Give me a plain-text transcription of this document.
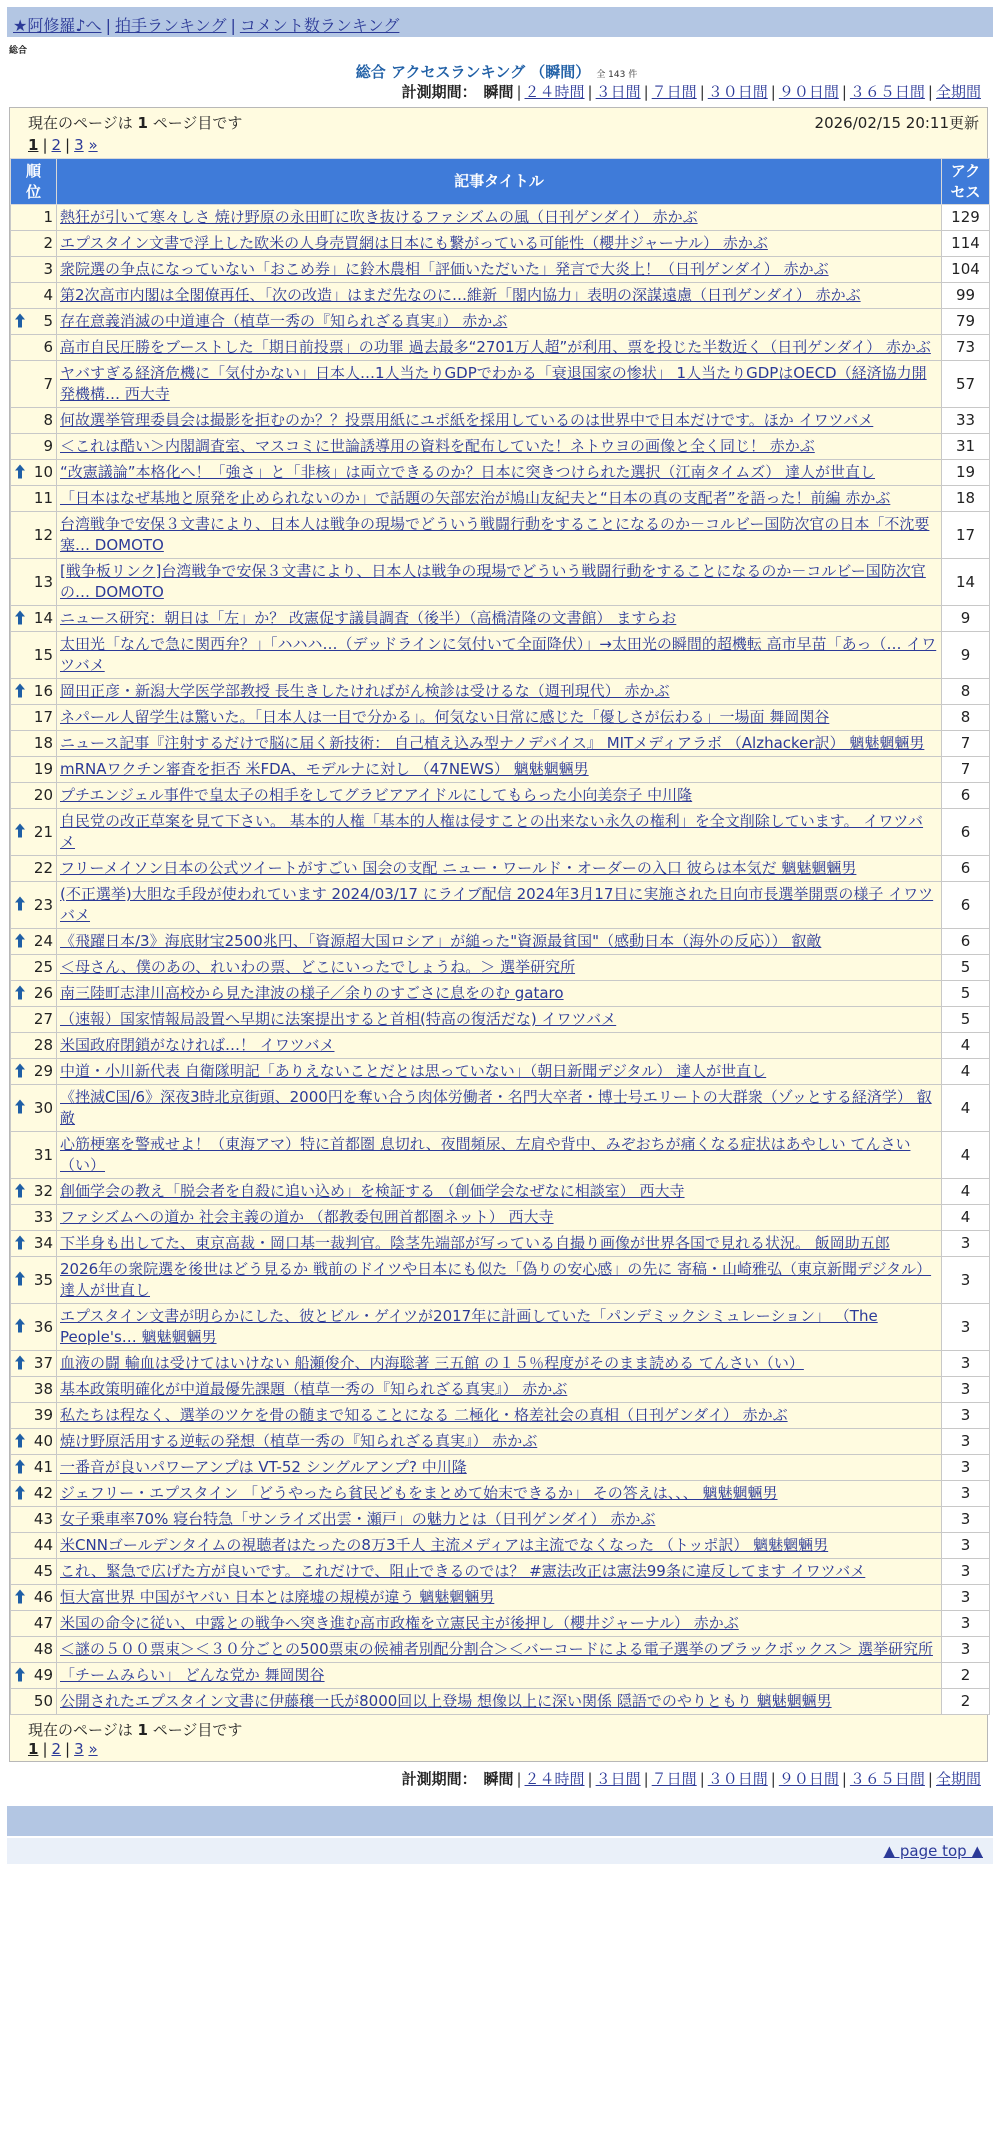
★阿修羅♪へ | 拍手ランキング | コメント数ランキング
総合
総合 アクセスランキング （瞬間） 全 143 件
計測期間： 瞬間 | ２４時間 | ３日間 | ７日間 | ３０日間 | ９０日間 | ３６５日間 | 全期間
現在のページは 1 ページ目です	2026/02/15 20:11更新
1 | 2 | 3 »
順位	記事タイトル	アクセス
1	熱狂が引いて寒々しさ 焼け野原の永田町に吹き抜けるファシズムの風（日刊ゲンダイ） 赤かぶ	129
2	エプスタイン文書で浮上した欧米の人身売買網は日本にも繋がっている可能性（櫻井ジャーナル） 赤かぶ	114
3	衆院選の争点になっていない「おこめ券」に鈴木農相「評価いただいた」発言で大炎上！（日刊ゲンダイ） 赤かぶ	104
4	第2次高市内閣は全閣僚再任、「次の改造」はまだ先なのに…維新「閣内協力」表明の深謀遠慮（日刊ゲンダイ） 赤かぶ	99

5	存在意義消滅の中道連合（植草一秀の『知られざる真実』） 赤かぶ	79
6	高市自民圧勝をブーストした「期日前投票」の功罪 過去最多“2701万人超”が利用、票を投じた半数近く（日刊ゲンダイ） 赤かぶ	73
7	ヤバすぎる経済危機に「気付かない」日本人…1人当たりGDPでわかる「衰退国家の惨状」 1人当たりGDPはOECD（経済協力開発機構… 西大寺	57
8	何故選挙管理委員会は撮影を拒むのか？？投票用紙にユポ紙を採用しているのは世界中で日本だけです。ほか イワツバメ	33
9	＜これは酷い＞内閣調査室、マスコミに世論誘導用の資料を配布していた！ネトウヨの画像と全く同じ！ 赤かぶ	31

10	“改憲議論”本格化へ！「強さ」と「非核」は両立できるのか？日本に突きつけられた選択（江南タイムズ） 達人が世直し	19
11	「日本はなぜ基地と原発を止められないのか」で話題の矢部宏治が鳩山友紀夫と“日本の真の支配者”を語った！前編 赤かぶ	18
12	台湾戦争で安保３文書により、日本人は戦争の現場でどういう戦闘行動をすることになるのか－コルビー国防次官の日本「不沈要塞… DOMOTO	17
13	[戦争板リンク]台湾戦争で安保３文書により、日本人は戦争の現場でどういう戦闘行動をすることになるのか－コルビー国防次官の… DOMOTO	14

14	ニュース研究：朝日は「左」か？ 改憲促す議員調査（後半）（高橋清隆の文書館） ますらお	9
15	太田光「なんで急に関西弁？」「ハハハ…（デッドラインに気付いて全面降伏）」→太田光の瞬間的超機転 高市早苗「あっ（… イワツバメ	9

16	岡田正彦・新潟大学医学部教授 長生きしたければがん検診は受けるな（週刊現代） 赤かぶ	8
17	ネパール人留学生は驚いた。「日本人は一目で分かる」。何気ない日常に感じた「優しさが伝わる」一場面 舞岡関谷	8
18	ニュース記事『注射するだけで脳に届く新技術： 自己植え込み型ナノデバイス』 MITメディアラボ （Alzhacker訳） 魑魅魍魎男	7
19	mRNAワクチン審査を拒否 米FDA、モデルナに対し （47NEWS） 魑魅魍魎男	7
20	プチエンジェル事件で皇太子の相手をしてグラビアアイドルにしてもらった小向美奈子 中川隆	6

21	自民党の改正草案を見て下さい。 基本的人権「基本的人権は侵すことの出来ない永久の権利」を全文削除しています。 イワツバメ	6
22	フリーメイソン日本の公式ツイートがすごい 国会の支配 ニュー・ワールド・オーダーの入口 彼らは本気だ 魑魅魍魎男	6

23	(不正選挙)大胆な手段が使われています 2024/03/17 にライブ配信 2024年3月17日に実施された日向市長選挙開票の様子 イワツバメ	6

24	《飛躍日本/3》海底財宝2500兆円、「資源超大国ロシア」が縋った"資源最貧国"（感動日本（海外の反応）） 叡敵	6
25	＜母さん、僕のあの、れいわの票、どこにいったでしょうね。＞ 選挙研究所	5

26	南三陸町志津川高校から見た津波の様子／余りのすごさに息をのむ gataro	5
27	（速報）国家情報局設置へ早期に法案提出すると首相(特高の復活だな) イワツバメ	5
28	米国政府閉鎖がなければ…！ イワツバメ	4

29	中道・小川新代表 自衛隊明記「ありえないことだとは思っていない」（朝日新聞デジタル） 達人が世直し	4

30	《挫滅C国/6》深夜3時北京街頭、2000円を奪い合う肉体労働者・名門大卒者・博士号エリートの大群衆（ゾッとする経済学） 叡敵	4
31	心筋梗塞を警戒せよ！（東海アマ）特に首都圏 息切れ、夜間頻尿、左肩や背中、みぞおちが痛くなる症状はあやしい てんさい（い）	4

32	創価学会の教え「脱会者を自殺に追い込め」を検証する （創価学会なぜなに相談室） 西大寺	4
33	ファシズムへの道か 社会主義の道か （都教委包囲首都圏ネット） 西大寺	4

34	下半身も出してた、東京高裁・岡口基一裁判官。陰茎先端部が写っている自撮り画像が世界各国で見れる状況。 飯岡助五郎	3

35	2026年の衆院選を後世はどう見るか 戦前のドイツや日本にも似た「偽りの安心感」の先に 寄稿・山崎雅弘（東京新聞デジタル） 達人が世直し	3

36	エプスタイン文書が明らかにした、彼とビル・ゲイツが2017年に計画していた「パンデミックシミュレーション」 （The People's… 魑魅魍魎男	3

37	血液の闘 輸血は受けてはいけない 船瀬俊介、内海聡著 三五館 の１５％程度がそのまま読める てんさい（い）	3
38	基本政策明確化が中道最優先課題（植草一秀の『知られざる真実』） 赤かぶ	3
39	私たちは程なく、選挙のツケを骨の髄まで知ることになる 二極化・格差社会の真相（日刊ゲンダイ） 赤かぶ	3

40	焼け野原活用する逆転の発想（植草一秀の『知られざる真実』） 赤かぶ	3

41	一番音が良いパワーアンプは VT-52 シングルアンプ? 中川隆	3

42	ジェフリー・エプスタイン 「どうやったら貧民どもをまとめて始末できるか」 その答えは、、、 魑魅魍魎男	3
43	女子乗車率70% 寝台特急「サンライズ出雲・瀬戸」の魅力とは（日刊ゲンダイ） 赤かぶ	3
44	米CNNゴールデンタイムの視聴者はたったの8万3千人 主流メディアは主流でなくなった （トッポ訳） 魑魅魍魎男	3
45	これ、緊急で広げた方が良いです。これだけで、阻止できるのでは？ #憲法改正は憲法99条に違反してます イワツバメ	3

46	恒大富世界 中国がヤバい 日本とは廃墟の規模が違う 魑魅魍魎男	3
47	米国の命令に従い、中露との戦争へ突き進む高市政権を立憲民主が後押し（櫻井ジャーナル） 赤かぶ	3
48	＜謎の５００票束＞＜３０分ごとの500票束の候補者別配分割合＞＜バーコードによる電子選挙のブラックボックス＞ 選挙研究所	3

49	「チームみらい」 どんな党か 舞岡関谷	2
50	公開されたエプスタイン文書に伊藤穣一氏が8000回以上登場 想像以上に深い関係 隠語でのやりともり 魑魅魍魎男	2
現在のページは 1 ページ目です
1 | 2 | 3 »
計測期間： 瞬間 | ２４時間 | ３日間 | ７日間 | ３０日間 | ９０日間 | ３６５日間 | 全期間
▲ page top ▲
